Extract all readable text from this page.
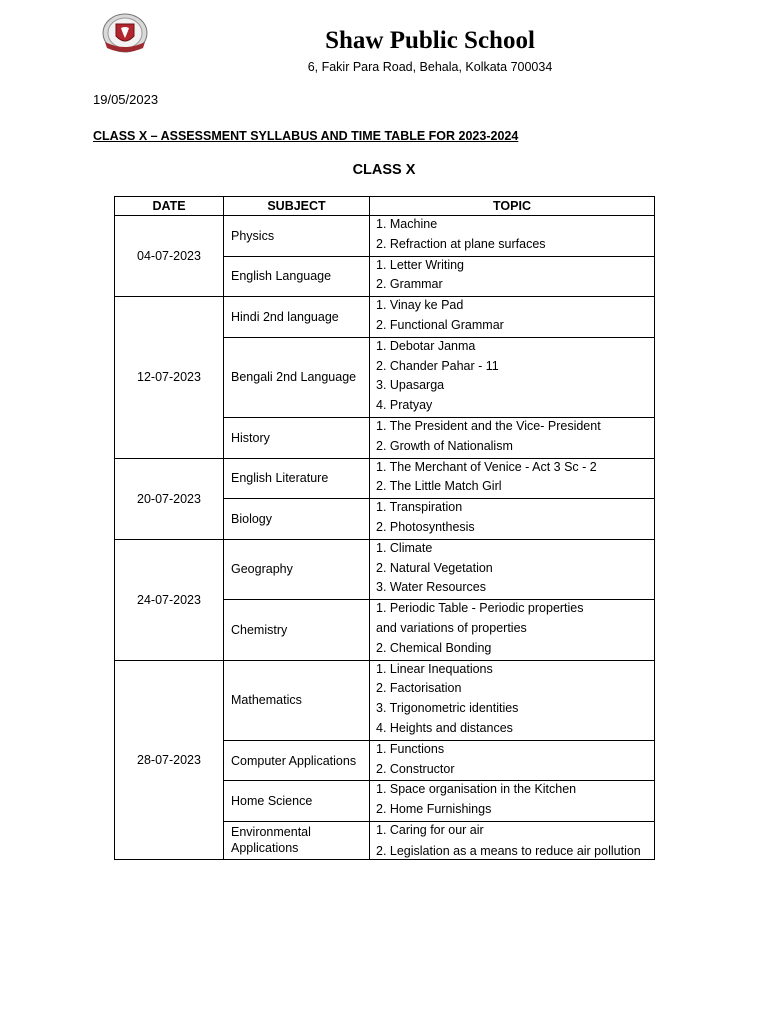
Shaw Public School
6, Fakir Para Road, Behala, Kolkata 700034
19/05/2023
CLASS X – ASSESSMENT SYLLABUS AND TIME TABLE FOR 2023-2024
CLASS X
DATE	SUBJECT	TOPIC
04-07-2023	Physics	1. Machine
2. Refraction at plane surfaces

	English Language	1. Letter Writing
2. Grammar

12-07-2023	Hindi 2nd language	1. Vinay ke Pad
2. Functional Grammar

	Bengali 2nd Language	1. Debotar Janma
2. Chander Pahar - 11
3. Upasarga
4. Pratyay

	History	1. The President and the Vice- President
2. Growth of Nationalism

20-07-2023	English Literature	1. The Merchant of Venice - Act 3 Sc - 2
2. The Little Match Girl

	Biology	1. Transpiration
2. Photosynthesis

24-07-2023	Geography	1. Climate
2. Natural Vegetation
3. Water Resources

	Chemistry	1. Periodic Table - Periodic properties
and variations of properties
2. Chemical Bonding

28-07-2023	Mathematics	1. Linear Inequations
2. Factorisation
3. Trigonometric identities
4. Heights and distances

	Computer Applications	1. Functions
2. Constructor

	Home Science	1. Space organisation in the Kitchen
2. Home Furnishings

	Environmental Applications	1. Caring for our air
2. Legislation as a means to reduce air pollution
